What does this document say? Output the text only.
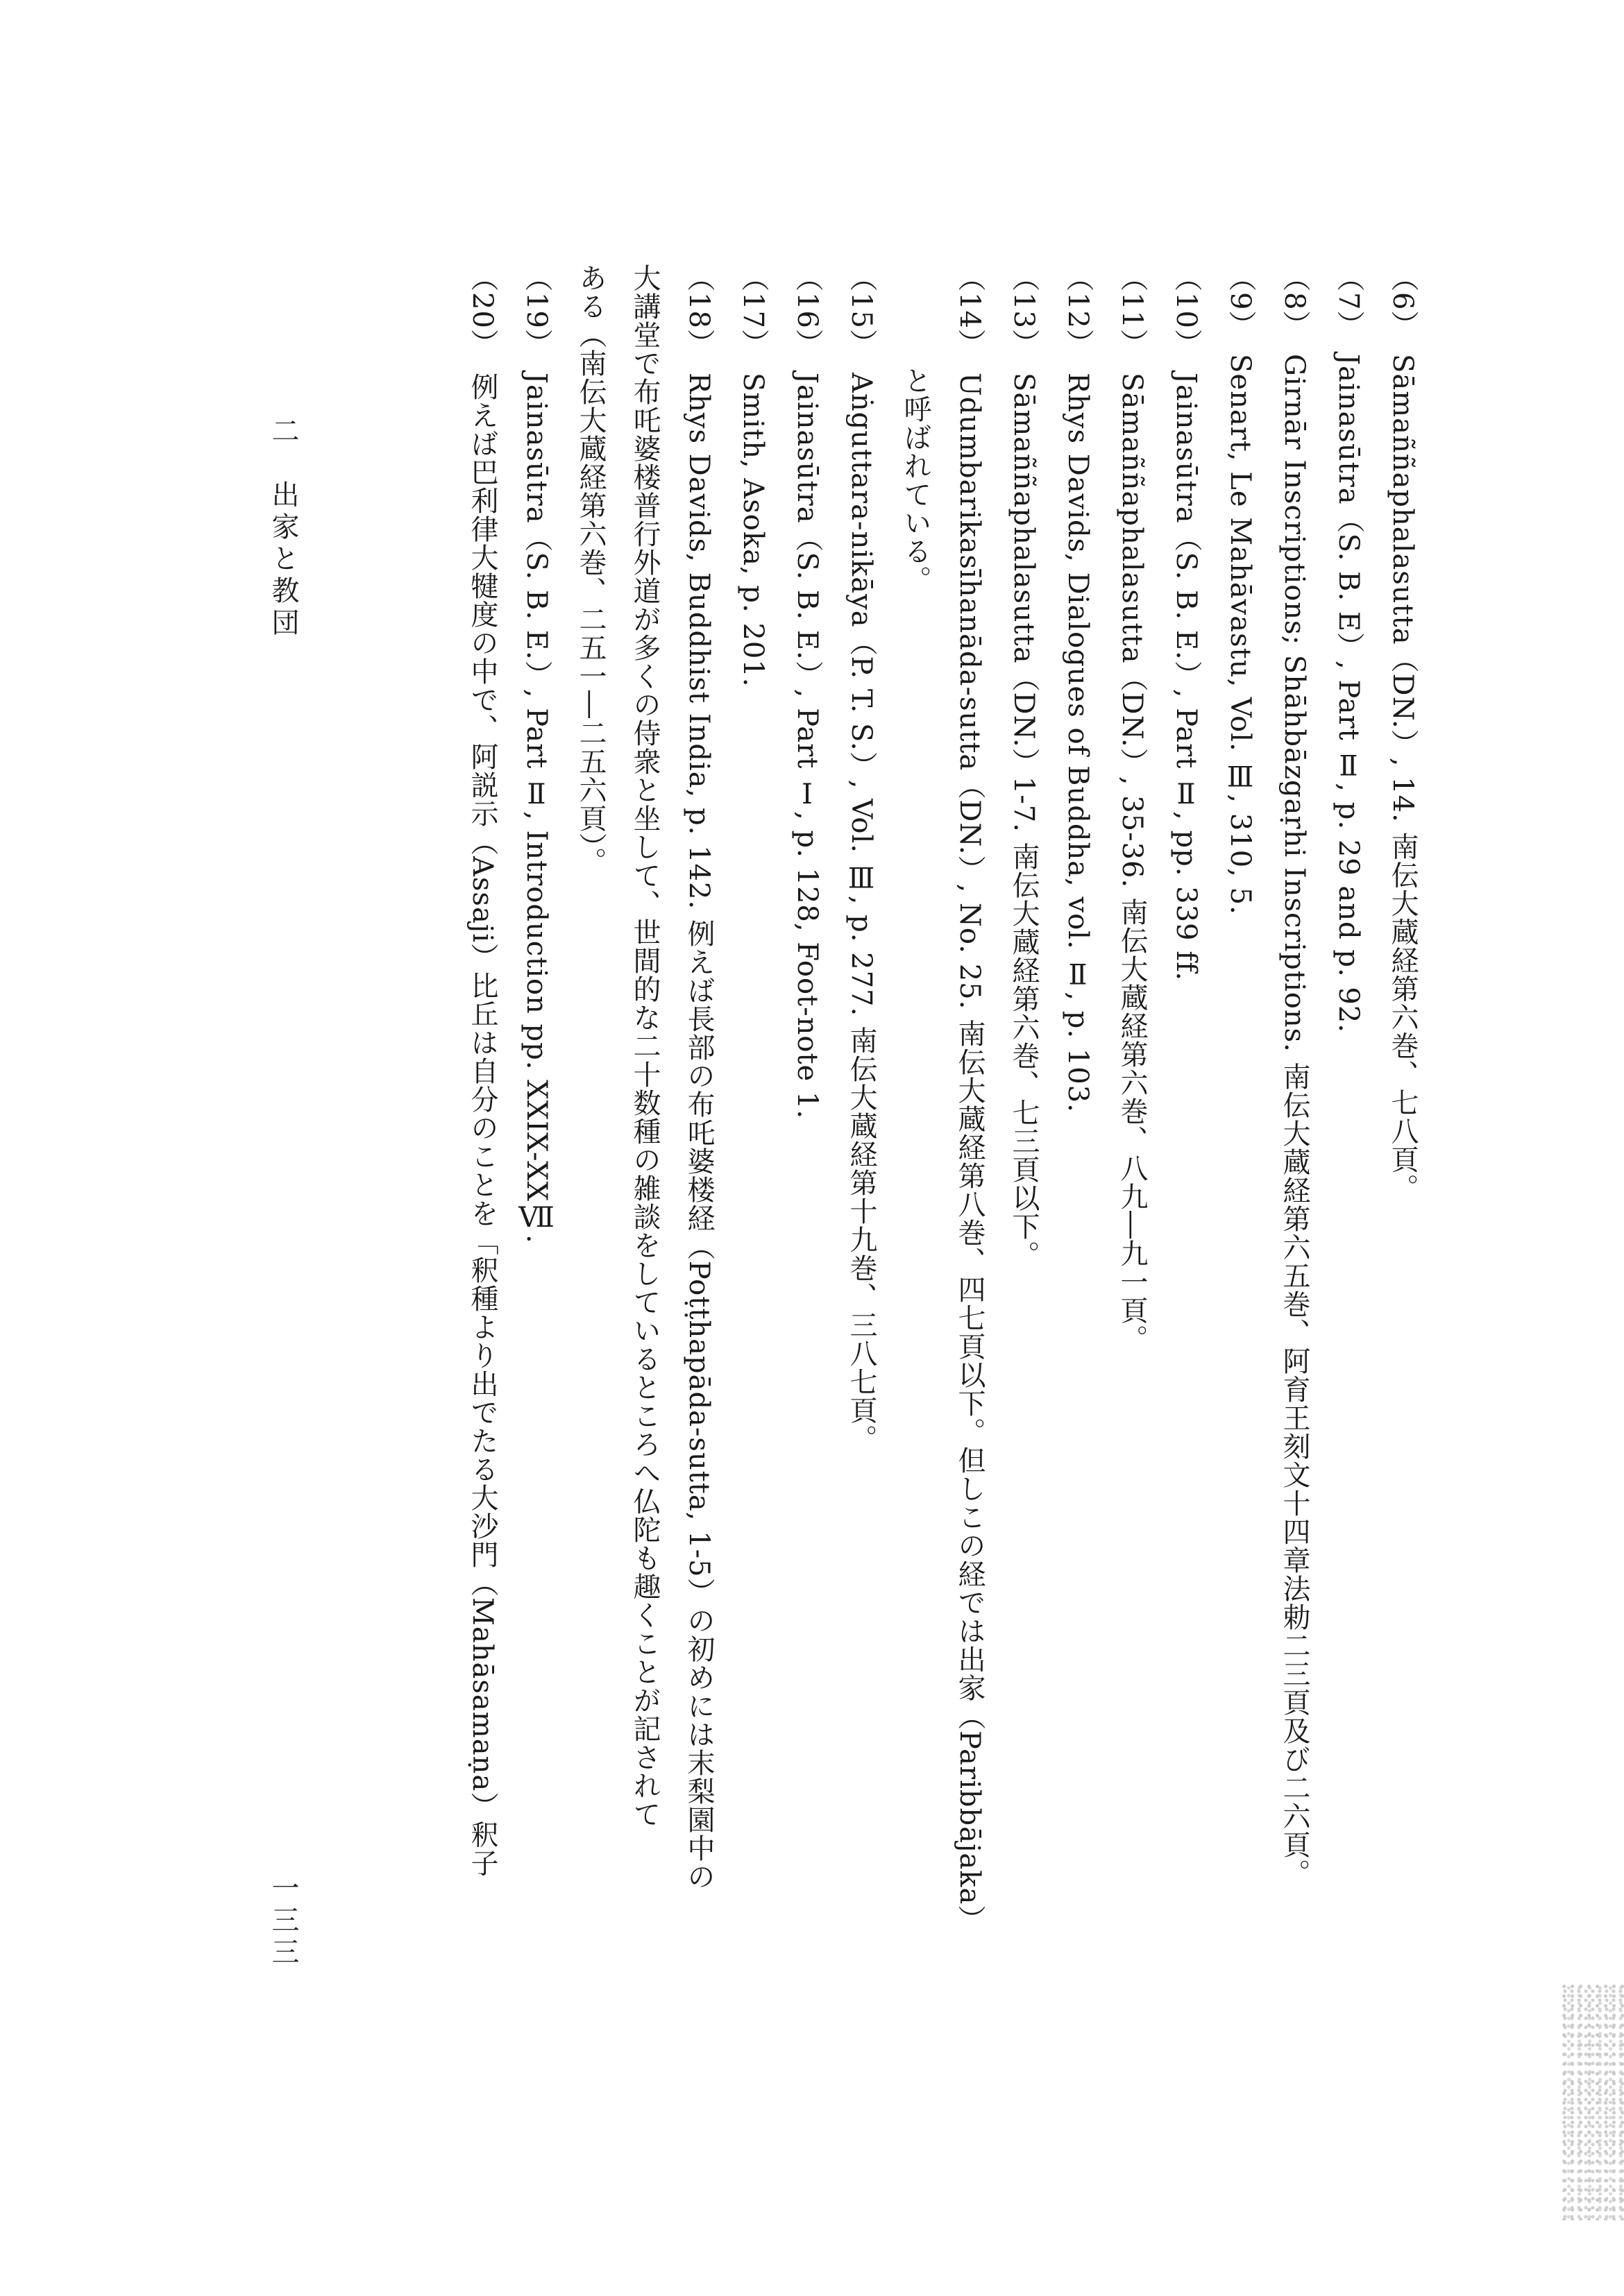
（6）Sāmaññaphalasutta（DN.）, 14. 南伝大蔵経第六巻、七八頁。
（7）Jainasūtra（S. B. E）, Part Ⅱ, p. 29 and p. 92.
（8）Girnār Inscriptions; Shāhbāzgaṛhi Inscriptions. 南伝大蔵経第六五巻、阿育王刻文十四章法勅二三頁及び二六頁。
（9）Senart, Le Mahāvastu, Vol. Ⅲ, 310, 5.
（10）Jainasūtra（S. B. E.）, Part Ⅱ, pp. 339 ff.
（11）Sāmaññaphalasutta（DN.）, 35-36. 南伝大蔵経第六巻、八九―九一頁。
（12）Rhys Davids, Dialogues of Buddha, vol. Ⅱ, p. 103.
（13）Sāmaññaphalasutta（DN.）1-7. 南伝大蔵経第六巻、七三頁以下。
（14）Udumbarikasīhanāda-sutta（DN.）, No. 25. 南伝大蔵経第八巻、四七頁以下。但しこの経では出家（Paribbājaka）
と呼ばれている。
（15）Aṅguttara-nikāya（P. T. S.）, Vol. Ⅲ, p. 277. 南伝大蔵経第十九巻、三八七頁。
（16）Jainasūtra（S. B. E.）, Part Ⅰ, p. 128, Foot-note 1.
（17）Smith, Asoka, p. 201.
（18）Rhys Davids, Buddhist India, p. 142. 例えば長部の布吒婆楼経（Poṭṭhapāda-sutta, 1-5）の初めには末梨園中の
大講堂で布吒婆楼普行外道が多くの侍衆と坐して、世間的な二十数種の雑談をしているところへ仏陀も趣くことが記されて
ある（南伝大蔵経第六巻、二五一―二五六頁）。
（19）Jainasūtra（S. B. E.）, Part Ⅱ, Introduction pp. XXIX-XXⅦ.
（20）例えば巴利律大犍度の中で、阿説示（Assaji）比丘は自分のことを「釈種より出でたる大沙門（Mahāsamaṇa）釈子
二　出家と教団
一三三
